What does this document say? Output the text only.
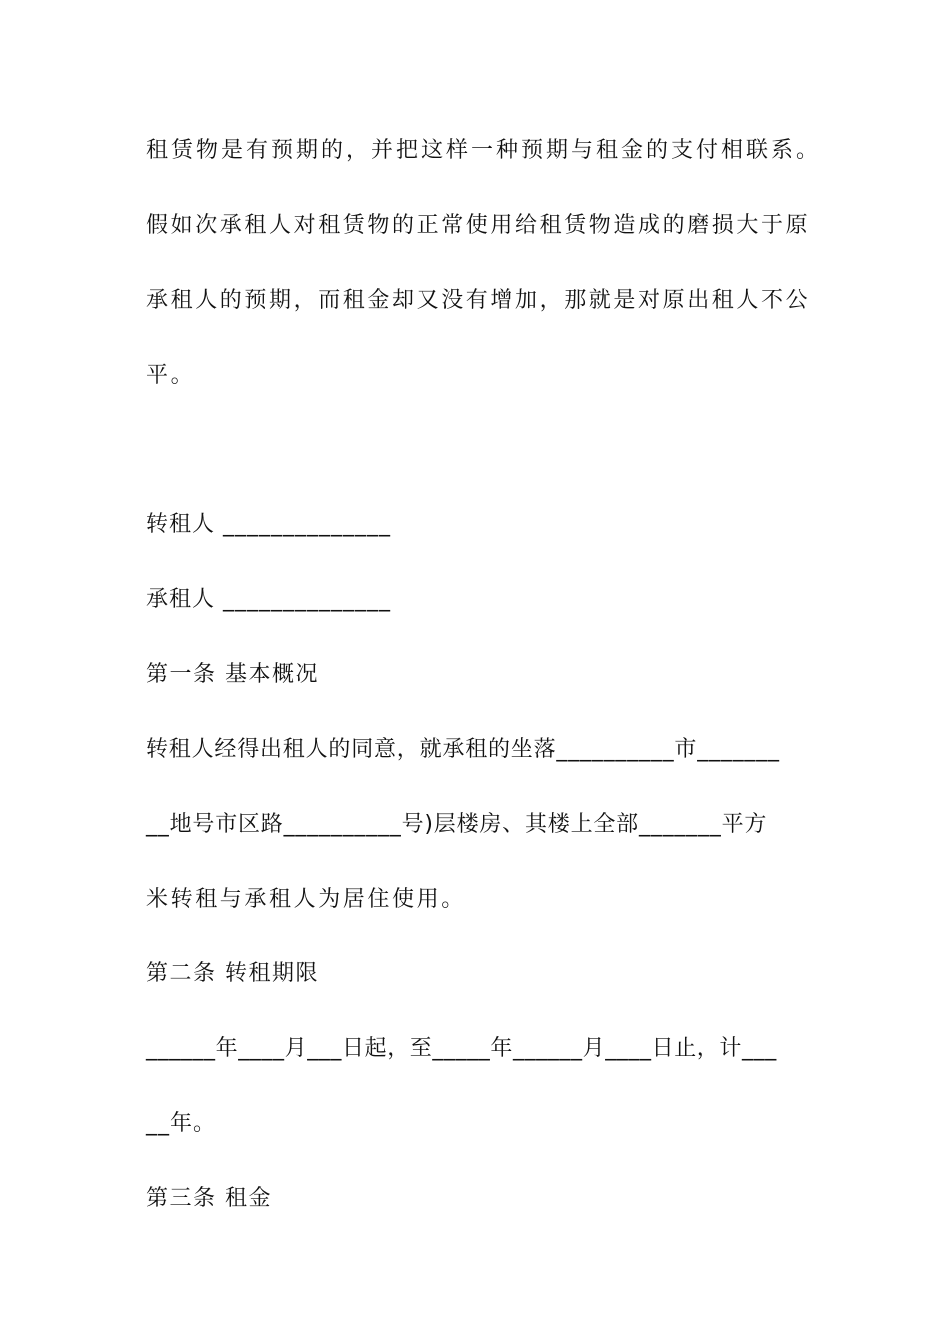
租赁物是有预期的，并把这样一种预期与租金的支付相联系。
假如次承租人对租赁物的正常使用给租赁物造成的磨损大于原
承租人的预期，而租金却又没有增加，那就是对原出租人不公
平。
转租人 ______________
承租人 ______________
第一条 基本概况
转租人经得出租人的同意，就承租的坐落__________市_______
__地号市区路__________号)层楼房、其楼上全部_______平方
米转租与承租人为居住使用。
第二条 转租期限
______年____月___日起，至_____年______月____日止，计___
__年。
第三条 租金
